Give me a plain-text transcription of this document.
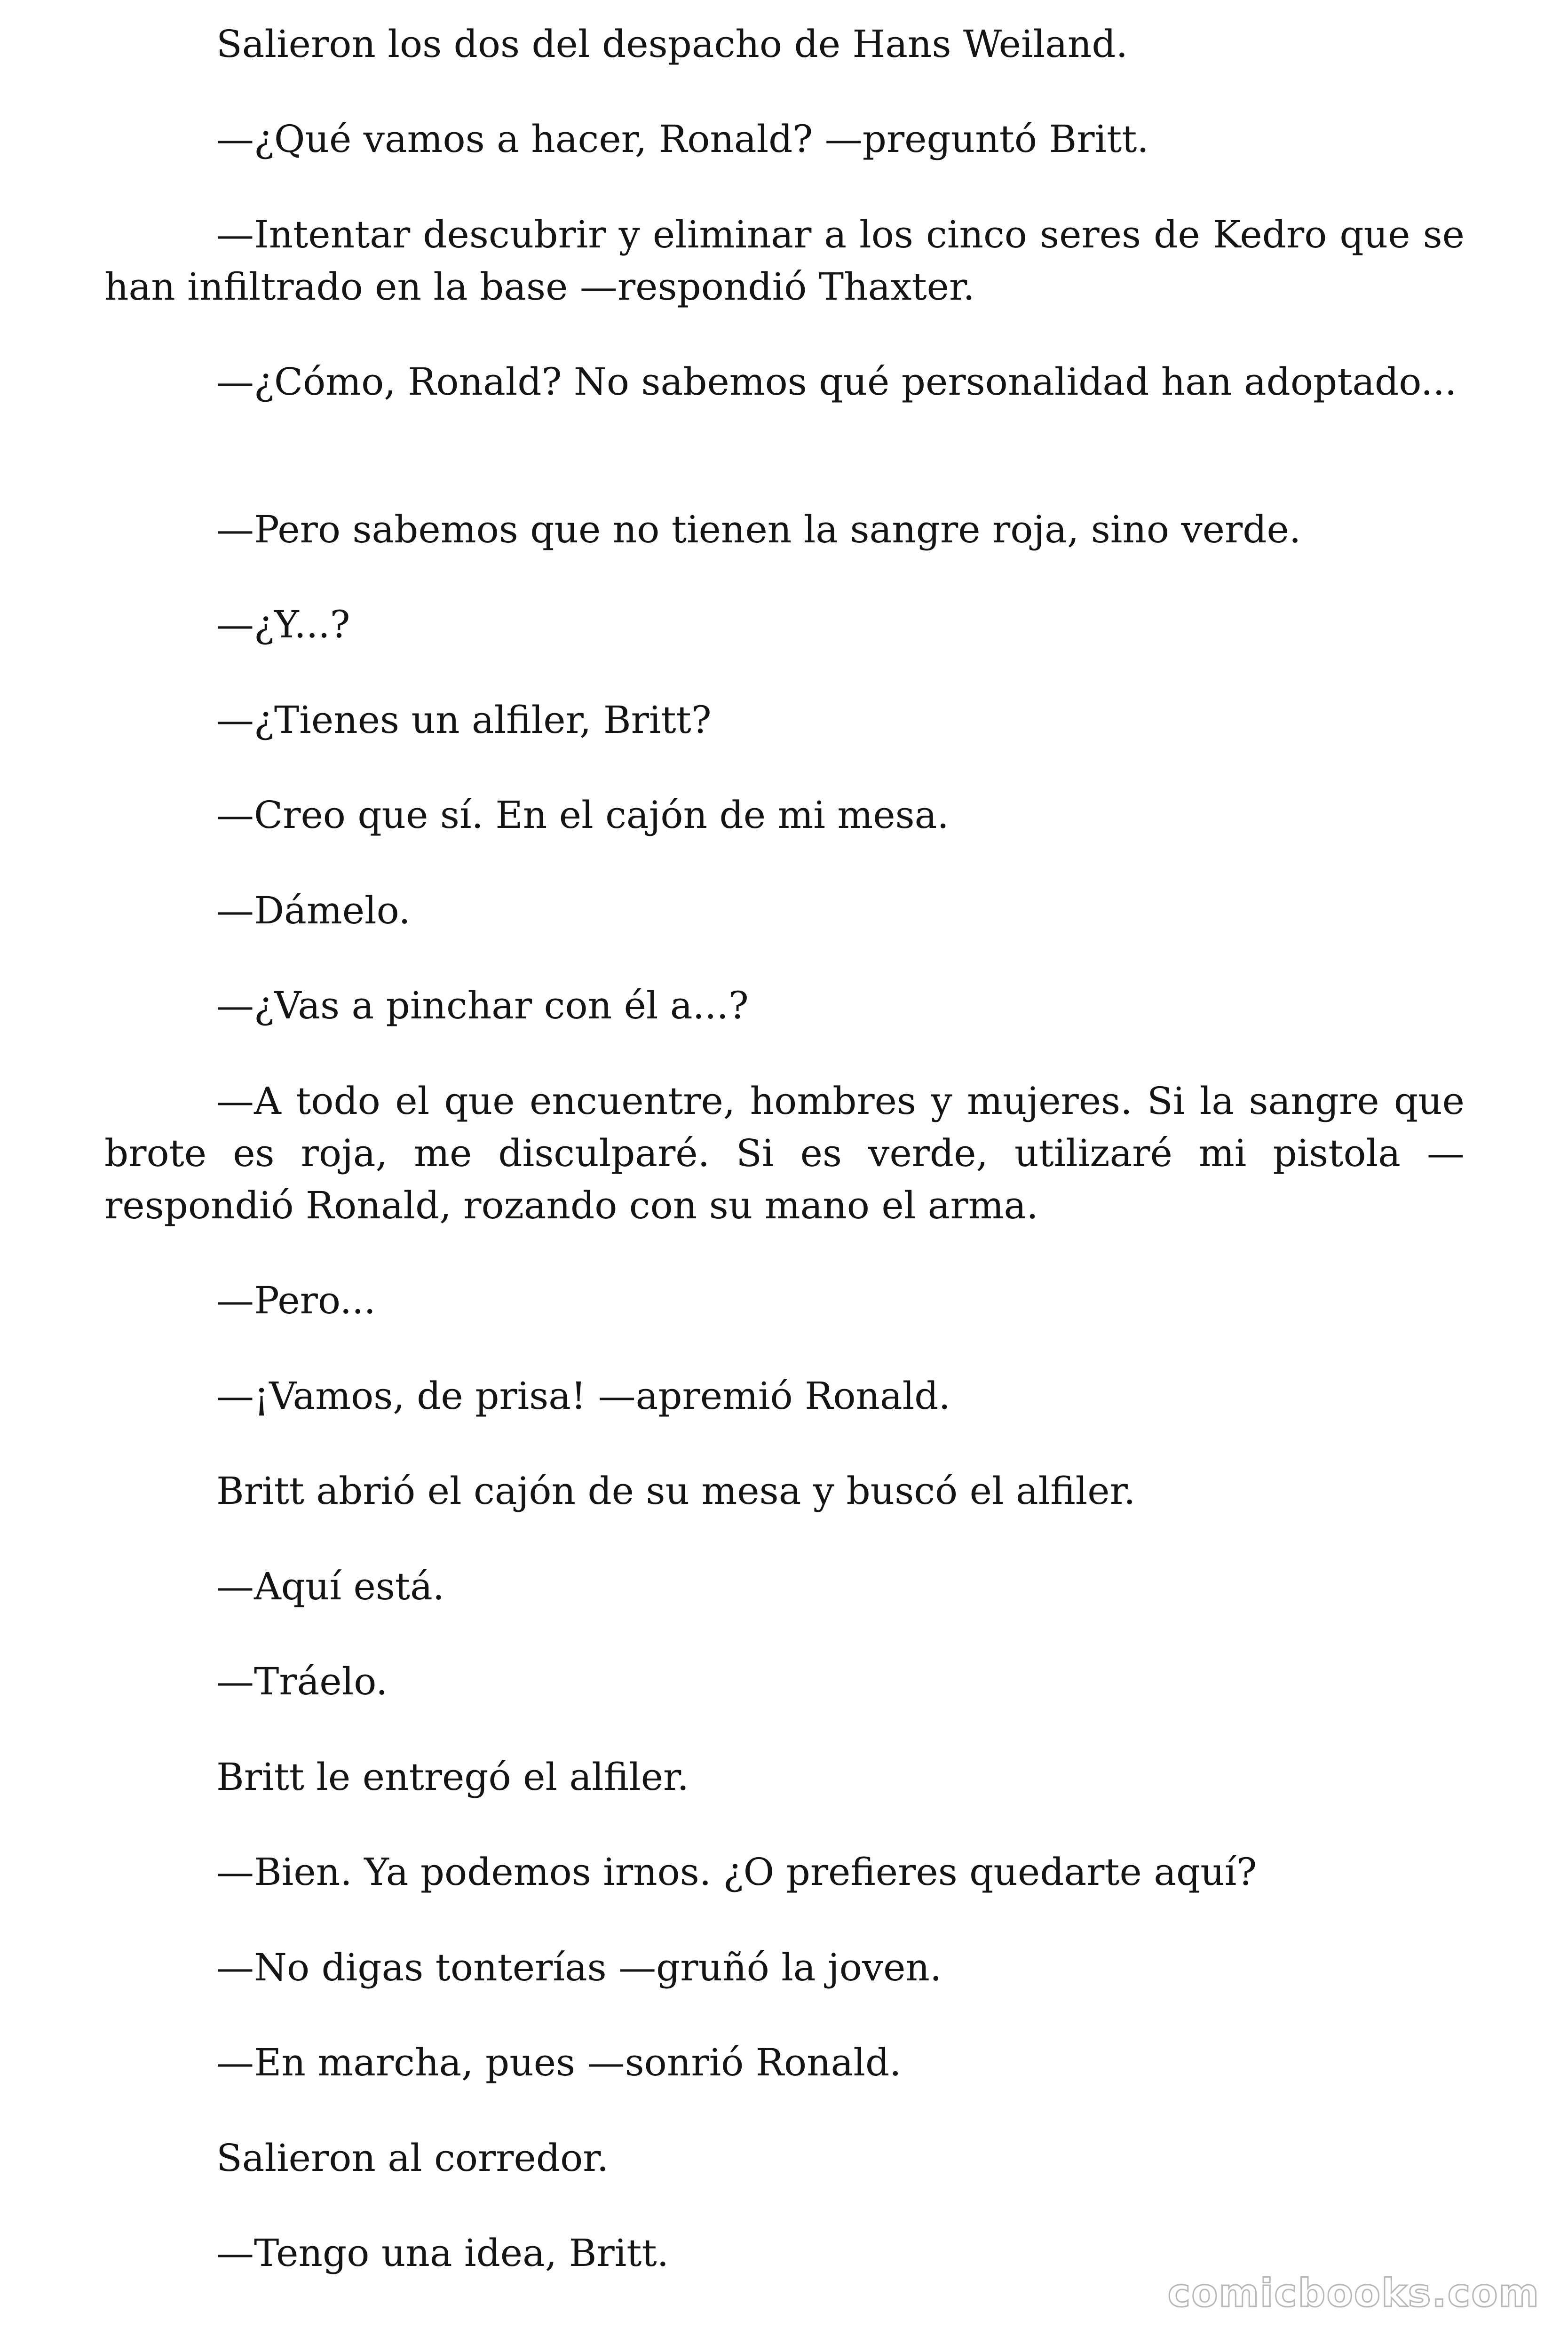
Salieron los dos del despacho de Hans Weiland.

—¿Qué vamos a hacer, Ronald? —preguntó Britt.

—Intentar descubrir y eliminar a los cinco seres de Kedro que se han infiltrado en la base —respondió Thaxter.

—¿Cómo, Ronald? No sabemos qué personalidad han adoptado...

—Pero sabemos que no tienen la sangre roja, sino verde.

—¿Y...?

—¿Tienes un alfiler, Britt?

—Creo que sí. En el cajón de mi mesa.

—Dámelo.

—¿Vas a pinchar con él a...?

—A todo el que encuentre, hombres y mujeres. Si la sangre que brote es roja, me disculparé. Si es verde, utilizaré mi pistola —respondió Ronald, rozando con su mano el arma.

—Pero...

—¡Vamos, de prisa! —apremió Ronald.

Britt abrió el cajón de su mesa y buscó el alfiler.

—Aquí está.

—Tráelo.

Britt le entregó el alfiler.

—Bien. Ya podemos irnos. ¿O prefieres quedarte aquí?

—No digas tonterías —gruñó la joven.

—En marcha, pues —sonrió Ronald.

Salieron al corredor.

—Tengo una idea, Britt.

comicbooks.com
